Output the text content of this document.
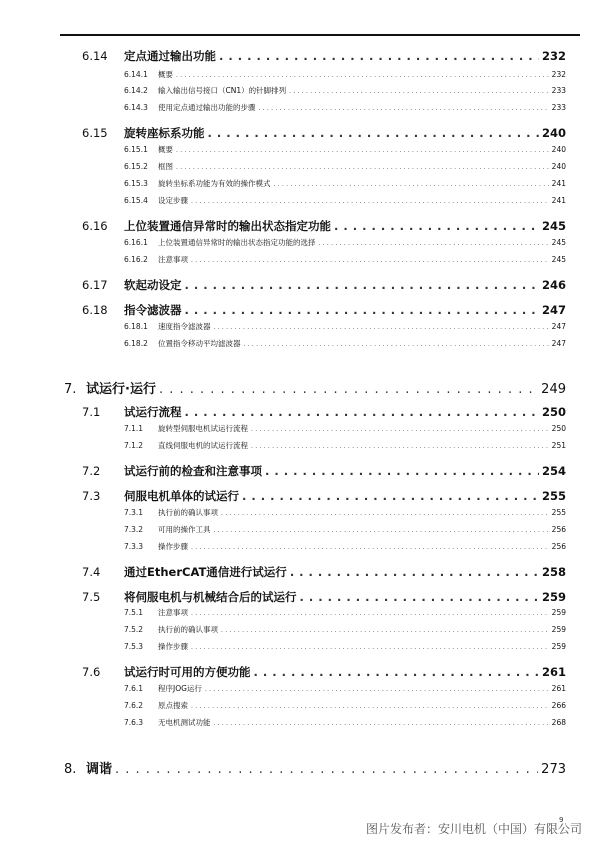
6.14	定点通过输出功能 . . .	232
6.14.1	概要 . . .	232
6.14.2	输入输出信号接口（CN1）的针脚排列 . . .	233
6.14.3	使用定点通过输出功能的步骤 . . .	233
6.15	旋转座标系功能 . . .	240
6.15.1	概要 . . .	240
6.15.2	框图 . . .	240
6.15.3	旋转坐标系功能为有效的操作模式 . . .	241
6.15.4	设定步骤 . . .	241
6.16	上位装置通信异常时的输出状态指定功能 . . .	245
6.16.1	上位装置通信异常时的输出状态指定功能的选择 . . .	245
6.16.2	注意事项 . . .	245
6.17	软起动设定 . . .	246
6.18	指令滤波器 . . .	247
6.18.1	速度指令滤波器 . . .	247
6.18.2	位置指令移动平均滤波器 . . .	247
7. 试运行·运行 . . .	249
7.1	试运行流程 . . .	250
7.1.1	旋转型伺服电机试运行流程 . . .	250
7.1.2	直线伺服电机的试运行流程 . . .	251
7.2	试运行前的检查和注意事项 . . .	254
7.3	伺服电机单体的试运行 . . .	255
7.3.1	执行前的确认事项 . . .	255
7.3.2	可用的操作工具 . . .	256
7.3.3	操作步骤 . . .	256
7.4	通过EtherCAT通信进行试运行 . . .	258
7.5	将伺服电机与机械结合后的试运行 . . .	259
7.5.1	注意事项 . . .	259
7.5.2	执行前的确认事项 . . .	259
7.5.3	操作步骤 . . .	259
7.6	试运行时可用的方便功能 . . .	261
7.6.1	程序JOG运行 . . .	261
7.6.2	原点搜索 . . .	266
7.6.3	无电机测试功能 . . .	268
8. 调谐 . . .	273
9
图片发布者：安川电机（中国）有限公司
